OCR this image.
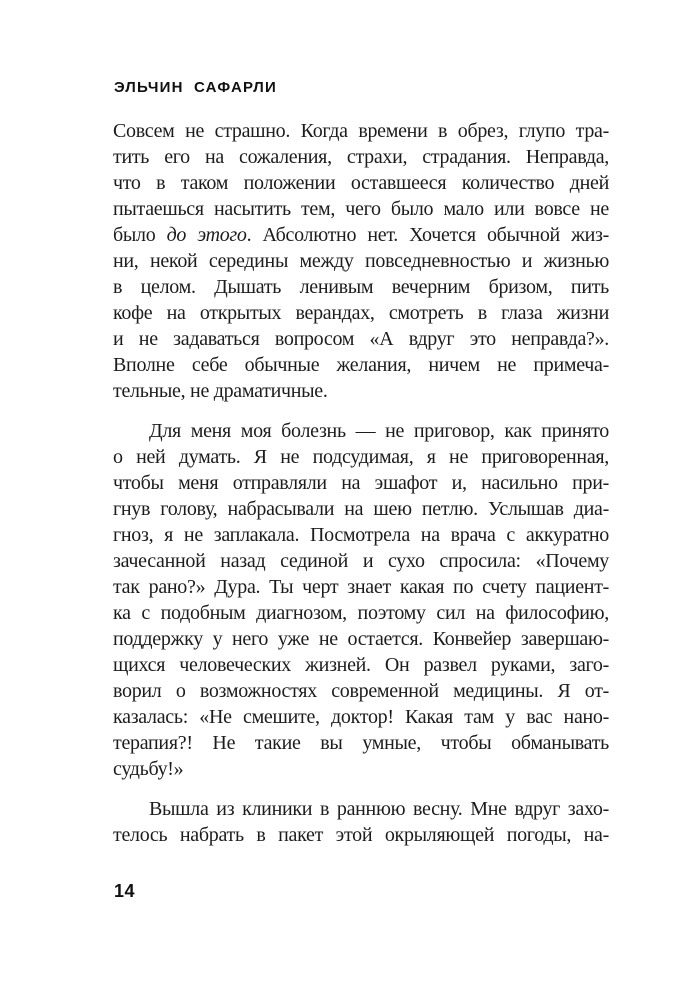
ЭЛЬЧИН САФАРЛИ
Совсем не страшно. Когда времени в обрез, глупо тра-
тить его на сожаления, страхи, страдания. Неправда,
что в таком положении оставшееся количество дней
пытаешься насытить тем, чего было мало или вовсе не
было до этого. Абсолютно нет. Хочется обычной жиз-
ни, некой середины между повседневностью и жизнью
в целом. Дышать ленивым вечерним бризом, пить
кофе на открытых верандах, смотреть в глаза жизни
и не задаваться вопросом «А вдруг это неправда?».
Вполне себе обычные желания, ничем не примеча-
тельные, не драматичные.
Для меня моя болезнь — не приговор, как принято
о ней думать. Я не подсудимая, я не приговоренная,
чтобы меня отправляли на эшафот и, насильно при-
гнув голову, набрасывали на шею петлю. Услышав диа-
гноз, я не заплакала. Посмотрела на врача с аккуратно
зачесанной назад сединой и сухо спросила: «Почему
так рано?» Дура. Ты черт знает какая по счету пациент-
ка с подобным диагнозом, поэтому сил на философию,
поддержку у него уже не остается. Конвейер завершаю-
щихся человеческих жизней. Он развел руками, заго-
ворил о возможностях современной медицины. Я от-
казалась: «Не смешите, доктор! Какая там у вас нано-
терапия?! Не такие вы умные, чтобы обманывать
судьбу!»
Вышла из клиники в раннюю весну. Мне вдруг захо-
телось набрать в пакет этой окрыляющей погоды, на-
14
